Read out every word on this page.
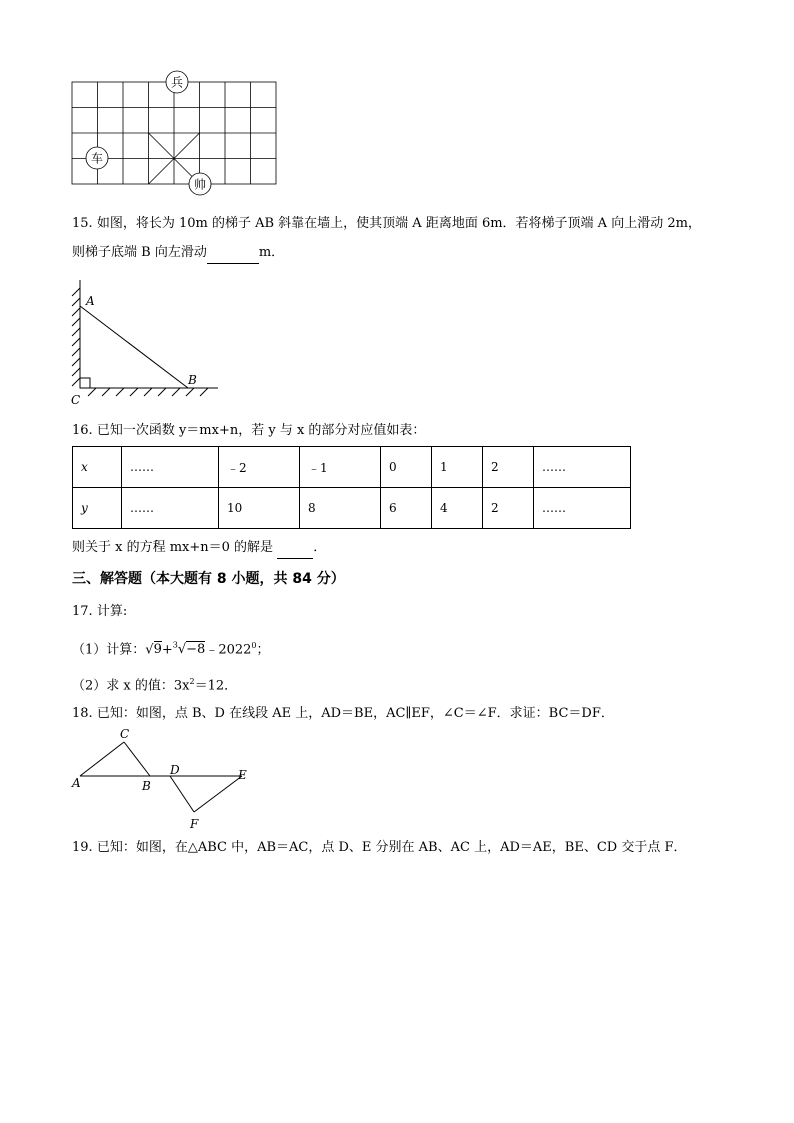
兵
车
帅
15. 如图，将长为 10m 的梯子 AB 斜靠在墙上，使其顶端 A 距离地面 6m．若将梯子顶端 A 向上滑动 2m，
则梯子底端 B 向左滑动	m．
A
B
C
16. 已知一次函数 y＝mx+n，若 y 与 x 的部分对应值如表：
x	……	﹣2	﹣1	0	1	2	……
y	……	10	8	6	4	2	……
则关于 x 的方程 mx+n＝0 的解是	．
三、解答题（本大题有 8 小题，共 84 分）
17. 计算:
（1）计算：$√9+^3√-8﹣2022^0$；
（2）求 x 的值：$3x^2=12$．
18. 已知：如图，点 B、D 在线段 AE 上，AD＝BE，AC∥EF，∠C＝∠F．求证：BC＝DF．
A	B
C
D	E
F
19. 已知：如图，在△ABC 中，AB＝AC，点 D、E 分别在 AB、AC 上，AD＝AE，BE、CD 交于点 F．
